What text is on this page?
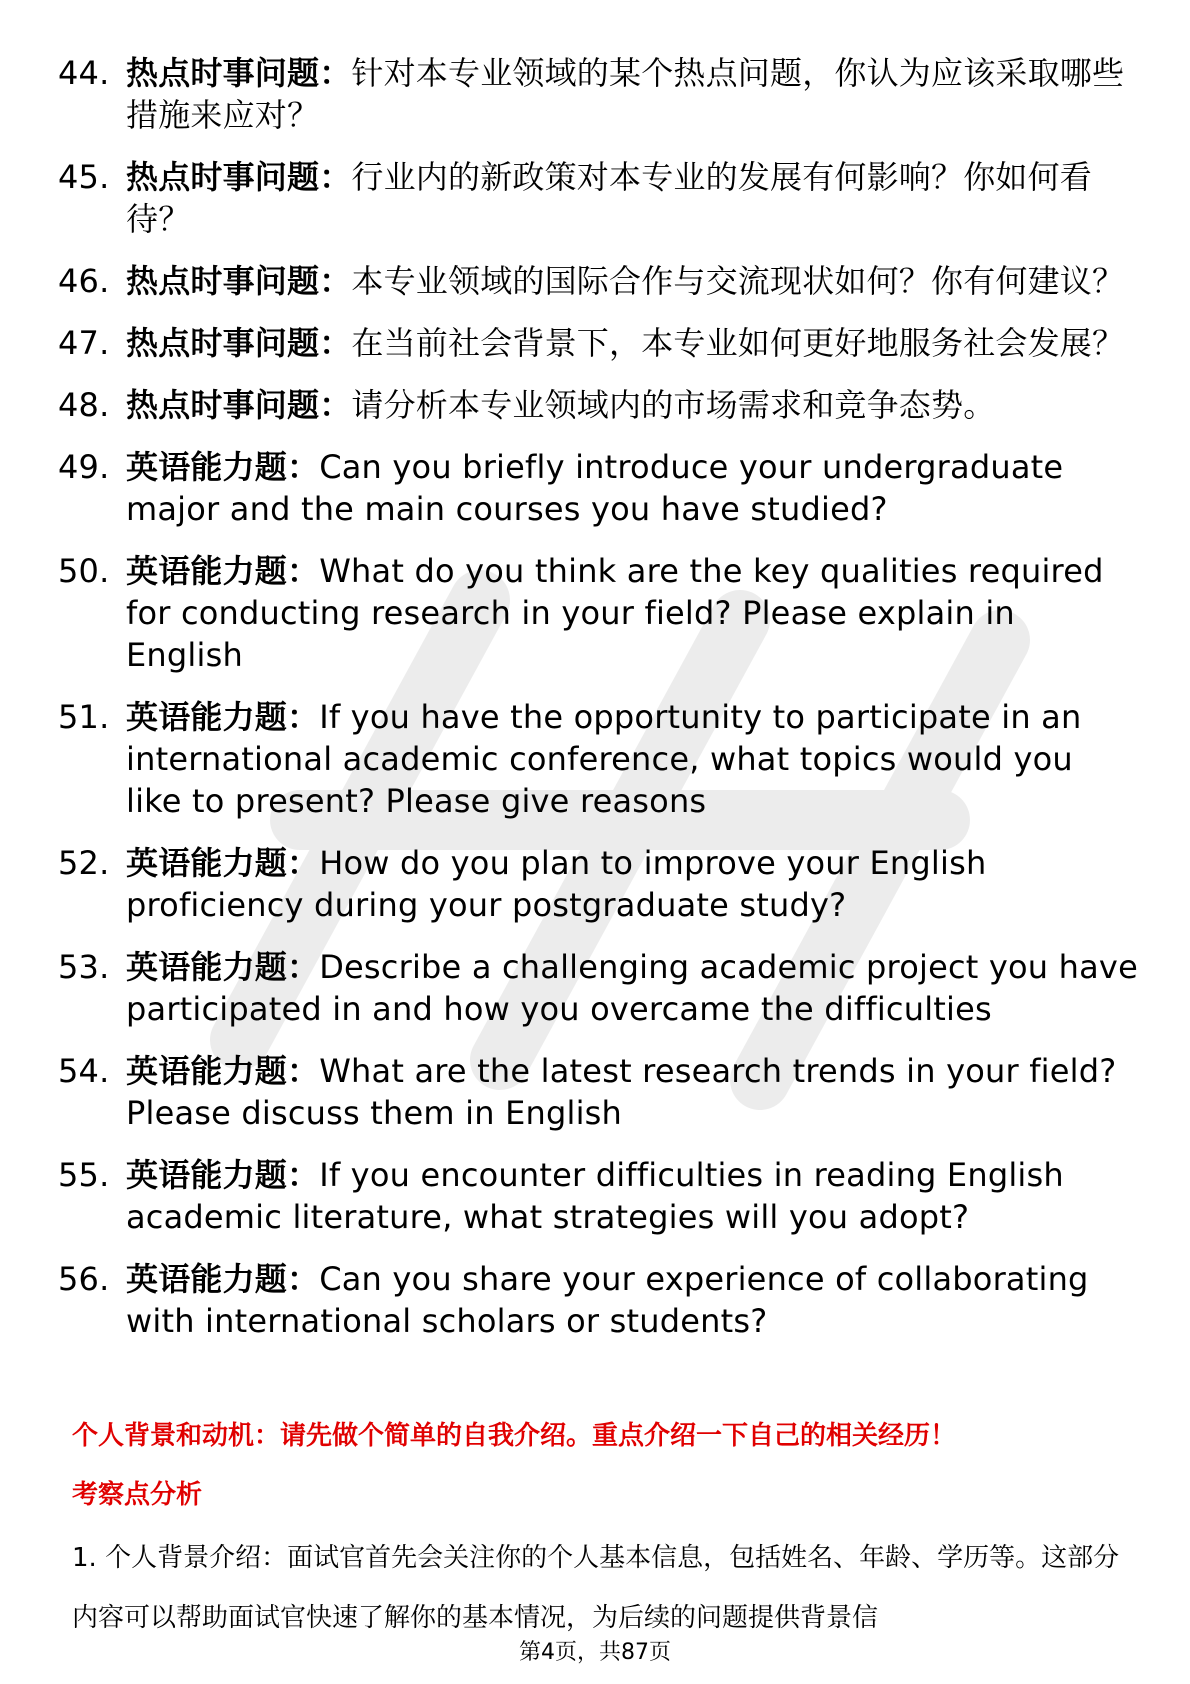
44. 热点时事问题：针对本专业领域的某个热点问题，你认为应该采取哪些措施来应对？
45. 热点时事问题：行业内的新政策对本专业的发展有何影响？你如何看待？
46. 热点时事问题：本专业领域的国际合作与交流现状如何？你有何建议？
47. 热点时事问题：在当前社会背景下，本专业如何更好地服务社会发展？
48. 热点时事问题：请分析本专业领域内的市场需求和竞争态势。
49. 英语能力题：Can you briefly introduce your undergraduate major and the main courses you have studied?
50. 英语能力题：What do you think are the key qualities required for conducting research in your field? Please explain in English
51. 英语能力题：If you have the opportunity to participate in an international academic conference, what topics would you like to present? Please give reasons
52. 英语能力题：How do you plan to improve your English proficiency during your postgraduate study?
53. 英语能力题：Describe a challenging academic project you have participated in and how you overcame the difficulties
54. 英语能力题：What are the latest research trends in your field? Please discuss them in English
55. 英语能力题：If you encounter difficulties in reading English academic literature, what strategies will you adopt?
56. 英语能力题：Can you share your experience of collaborating with international scholars or students?
个人背景和动机：请先做个简单的自我介绍。重点介绍一下自己的相关经历！
考察点分析
1. 个人背景介绍：面试官首先会关注你的个人基本信息，包括姓名、年龄、学历等。这部分内容可以帮助面试官快速了解你的基本情况，为后续的问题提供背景信
第4页，共87页
